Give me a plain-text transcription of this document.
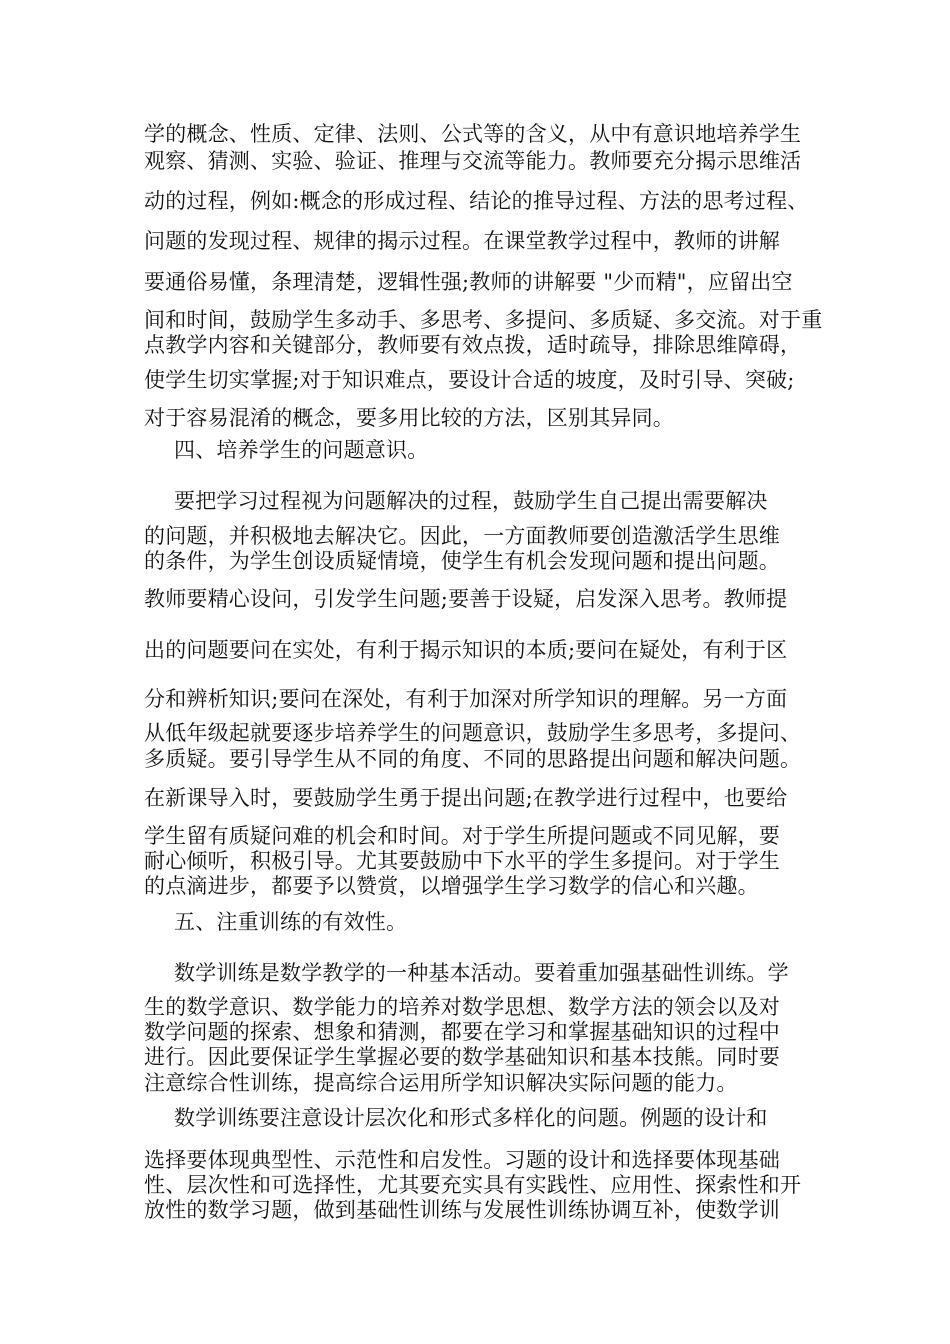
学的概念、性质、定律、法则、公式等的含义，从中有意识地培养学生
观察、猜测、实验、验证、推理与交流等能力。教师要充分揭示思维活
动的过程，例如:概念的形成过程、结论的推导过程、方法的思考过程、
问题的发现过程、规律的揭示过程。在课堂教学过程中，教师的讲解
要通俗易懂，条理清楚，逻辑性强;教师的讲解要 "少而精"，应留出空
间和时间，鼓励学生多动手、多思考、多提问、多质疑、多交流。对于重
点教学内容和关键部分，教师要有效点拨，适时疏导，排除思维障碍，
使学生切实掌握;对于知识难点，要设计合适的坡度，及时引导、突破;
对于容易混淆的概念，要多用比较的方法，区别其异同。
四、培养学生的问题意识。
要把学习过程视为问题解决的过程，鼓励学生自己提出需要解决
的问题，并积极地去解决它。因此，一方面教师要创造激活学生思维
的条件，为学生创设质疑情境，使学生有机会发现问题和提出问题。
教师要精心设问，引发学生问题;要善于设疑，启发深入思考。教师提
出的问题要问在实处，有利于揭示知识的本质;要问在疑处，有利于区
分和辨析知识;要问在深处，有利于加深对所学知识的理解。另一方面
从低年级起就要逐步培养学生的问题意识，鼓励学生多思考，多提问、
多质疑。要引导学生从不同的角度、不同的思路提出问题和解决问题。
在新课导入时，要鼓励学生勇于提出问题;在教学进行过程中，也要给
学生留有质疑问难的机会和时间。对于学生所提问题或不同见解，要
耐心倾听，积极引导。尤其要鼓励中下水平的学生多提问。对于学生
的点滴进步，都要予以赞赏，以增强学生学习数学的信心和兴趣。
五、注重训练的有效性。
数学训练是数学教学的一种基本活动。要着重加强基础性训练。学
生的数学意识、数学能力的培养对数学思想、数学方法的领会以及对
数学问题的探索、想象和猜测，都要在学习和掌握基础知识的过程中
进行。因此要保证学生掌握必要的数学基础知识和基本技熊。同时要
注意综合性训练，提高综合运用所学知识解决实际问题的能力。
数学训练要注意设计层次化和形式多样化的问题。例题的设计和
选择要体现典型性、示范性和启发性。习题的设计和选择要体现基础
性、层次性和可选择性，尤其要充实具有实践性、应用性、探索性和开
放性的数学习题，做到基础性训练与发展性训练协调互补，使数学训
